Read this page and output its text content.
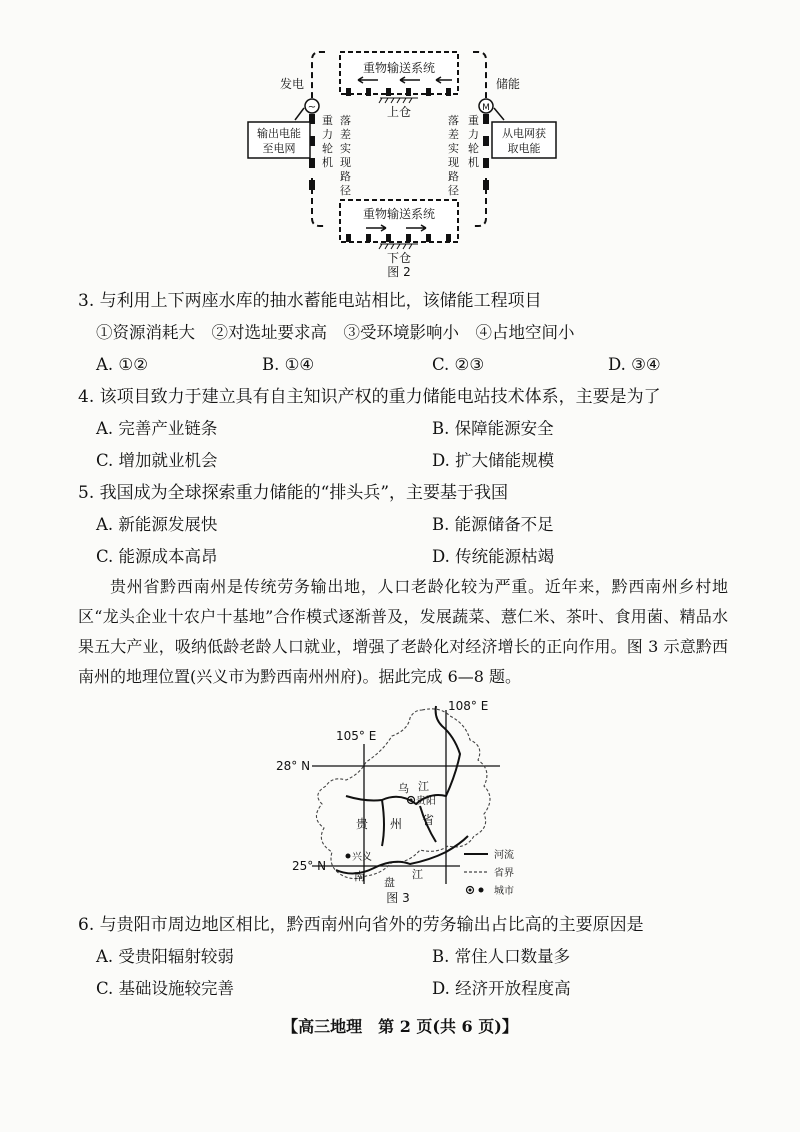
重物输送系统
上仓
重物输送系统
下仓
发电
~
输出电能
至电网
重
力
轮
机
落
差
实
现
路
径
储能
M
从电网获
取电能
落
差
实
现
路
径
重
力
轮
机
图 2
3. 与利用上下两座水库的抽水蓄能电站相比，该储能工程项目
①资源消耗大　②对选址要求高　③受环境影响小　④占地空间小
A. ①②	B. ①④	C. ②③	D. ③④
4. 该项目致力于建立具有自主知识产权的重力储能电站技术体系，主要是为了
A. 完善产业链条	B. 保障能源安全
C. 增加就业机会	D. 扩大储能规模
5. 我国成为全球探索重力储能的“排头兵”，主要基于我国
A. 新能源发展快	B. 能源储备不足
C. 能源成本高昂	D. 传统能源枯竭
贵州省黔西南州是传统劳务输出地，人口老龄化较为严重。近年来，黔西南州乡村地区“龙头企业十农户十基地”合作模式逐渐普及，发展蔬菜、薏仁米、茶叶、食用菌、精品水果五大产业，吸纳低龄老龄人口就业，增强了老龄化对经济增长的正向作用。图 3 示意黔西南州的地理位置(兴义市为黔西南州州府)。据此完成 6—8 题。
105° E
108° E
28° N
25° N
乌 江
贵阳
贵 州 省
兴义
南 盘
江
河流
省界
城市
图 3
6. 与贵阳市周边地区相比，黔西南州向省外的劳务输出占比高的主要原因是
A. 受贵阳辐射较弱	B. 常住人口数量多
C. 基础设施较完善	D. 经济开放程度高
【高三地理　第 2 页(共 6 页)】
